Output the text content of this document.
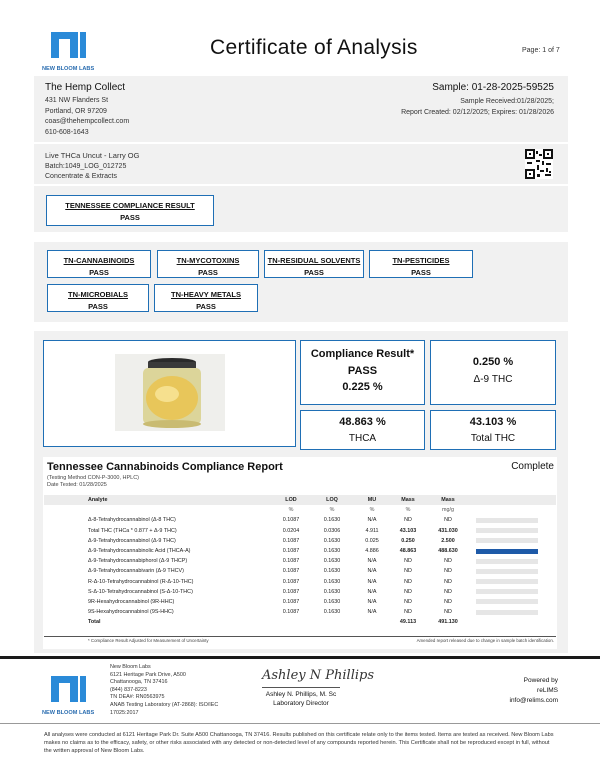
NEW BLOOM LABS
Certificate of Analysis	Page: 1 of 7
The Hemp Collect
431 NW Flanders St
Portland, OR 97209
coas@thehempcollect.com
610-608-1643
Sample: 01-28-2025-59525
Sample Received:01/28/2025;
Report Created: 02/12/2025; Expires: 01/28/2026
Live THCa Uncut - Larry OG
Batch:1049_LOG_012725
Concentrate & Extracts
TENNESSEE COMPLIANCE RESULT
PASS
TN-CANNABINOIDS
PASS
TN-MYCOTOXINS
PASS
TN-RESIDUAL SOLVENTS
PASS
TN-PESTICIDES
PASS
TN-MICROBIALS
PASS
TN-HEAVY METALS
PASS
Compliance Result*
PASS
0.225 %
0.250 %
Δ-9 THC
48.863 %
THCA
43.103 %
Total THC
Tennessee Cannabinoids Compliance Report	Complete
(Testing Method CON-P-3000, HPLC)
Date Tested: 01/28/2025
Analyte	LOD	LOQ	MU	Mass	Mass	
	%	%	%	%	mg/g	
Δ-8-Tetrahydrocannabinol (Δ-8 THC)	0.1087	0.1630	N/A	ND	ND	

Total THC (THCa * 0.877 + Δ-9 THC)	0.0204	0.0306	4.911	43.103	431.030	

Δ-9-Tetrahydrocannabinol (Δ-9 THC)	0.1087	0.1630	0.025	0.250	2.500	

Δ-9-Tetrahydrocannabinolic Acid (THCA-A)	0.1087	0.1630	4.886	48.863	488.630	

Δ-9-Tetrahydrocannabiphorol (Δ-9 THCP)	0.1087	0.1630	N/A	ND	ND	

Δ-9-Tetrahydrocannabivarin (Δ-9 THCV)	0.1087	0.1630	N/A	ND	ND	

R-Δ-10-Tetrahydrocannabinol (R-Δ-10-THC)	0.1087	0.1630	N/A	ND	ND	

S-Δ-10-Tetrahydrocannabinol (S-Δ-10-THC)	0.1087	0.1630	N/A	ND	ND	

9R-Hexahydrocannabinol (9R-HHC)	0.1087	0.1630	N/A	ND	ND	

9S-Hexahydrocannabinol (9S-HHC)	0.1087	0.1630	N/A	ND	ND	

Total				49.113	491.130	
* Compliance Result Adjusted for Measurement of Uncertainty	Amended report released due to change in sample batch identification.
NEW BLOOM LABS
New Bloom Labs
6121 Heritage Park Drive, A500
Chattanooga, TN 37416
(844) 837-8223
TN DEA#: RN0563975
ANAB Testing Laboratory (AT-2868): ISO/IEC
17025:2017
Ashley N Phillips
Ashley N. Phillips, M. Sc
Laboratory Director
Powered by
reLIMS
info@relims.com
All analyses were conducted at 6121 Heritage Park Dr. Suite A500 Chattanooga, TN 37416. Results published on this certificate relate only to the items tested. Items are tested as received. New Bloom Labs makes no claims as to the efficacy, safety, or other risks associated with any detected or non-detected level of any compounds reported herein. This Certificate shall not be reproduced except in full, without the written approval of New Bloom Labs.
